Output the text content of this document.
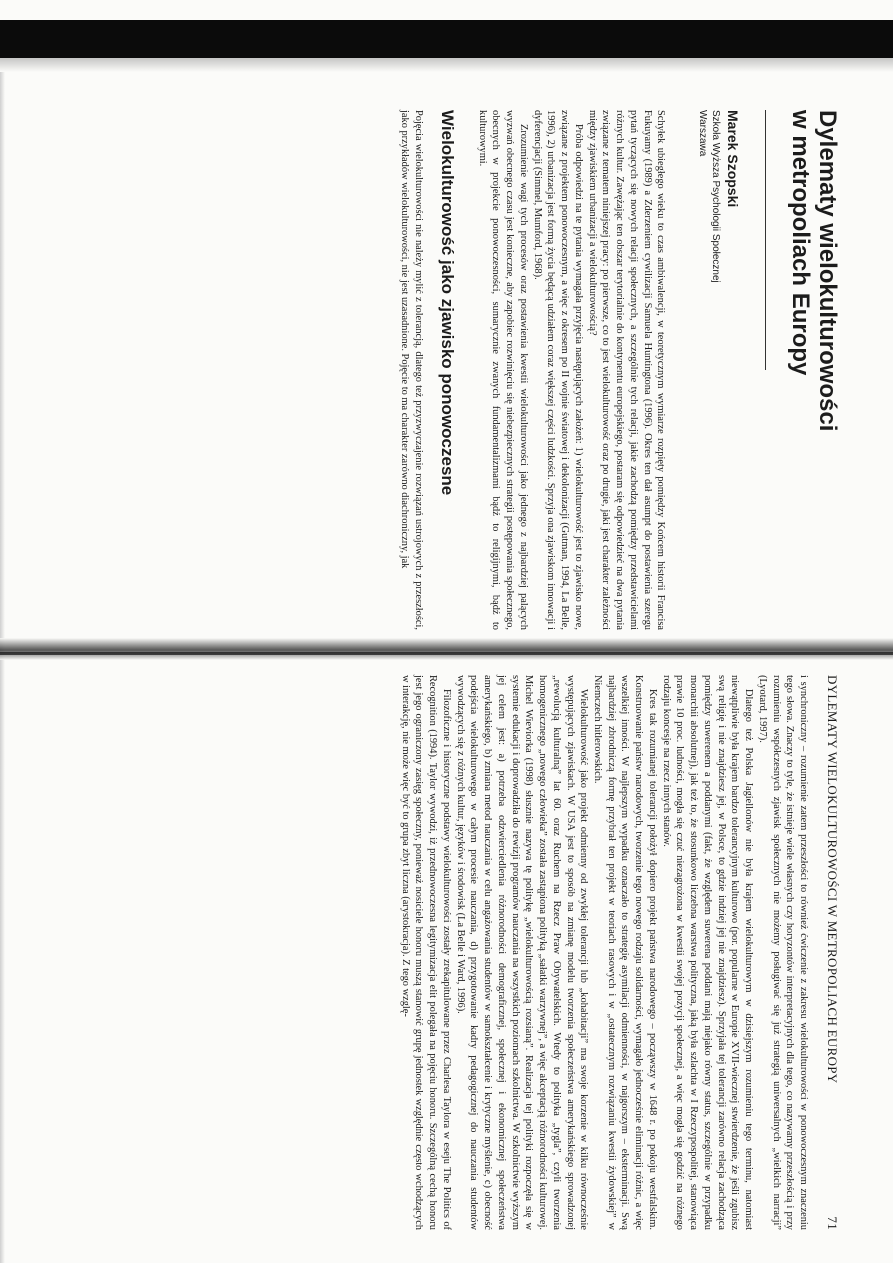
Dylematy wielokulturowości
w metropoliach Europy
Marek Szopski
Szkoła Wyższa Psychologii Społecznej
Warszawa

Schyłek ubiegłego wieku to czas ambiwalencji, w teoretycznym wymiarze rozpięty pomiędzy Końcem historii Francisa Fukuyamy (1989) a Zderzeniem cywilizacji Samuela Huntingtona (1996). Okres ten dał asumpt do postawienia szeregu pytań tyczących się nowych relacji społecznych, a szczególnie tych relacji, jakie zachodzą pomiędzy przedstawicielami różnych kultur. Zawężając ten obszar terytorialnie do kontynentu europejskiego, postaram się odpowiedzieć na dwa pytania związane z tematem niniejszej pracy: po pierwsze, co to jest wielokulturowość oraz po drugie, jaki jest charakter zależności między zjawiskiem urbanizacji a wielokulturowością?

Próba odpowiedzi na te pytania wymagała przyjęcia następujących założeń: 1) wielokulturowość jest to zjawisko nowe, związane z projektem ponowoczesnym, a więc z okresem po II wojnie światowej i dekolonizacji (Gutman, 1994, La Belle, 1996), 2) urbanizacja jest formą życia będącą udziałem coraz większej części ludzkości. Sprzyja ona zjawiskom innowacji i dyferencjacji (Simmel, Mumford, 1968).

Zrozumienie wagi tych procesów oraz postawienia kwestii wielokulturowości jako jednego z najbardziej palących wyzwań obecnego czasu jest konieczne, aby zapobiec rozwinięciu się niebezpiecznych strategii postępowania społecznego, obecnych w projekcie ponowoczesności, sumarycznie zwanych fundamentalizmami bądź to religijnymi, bądź to kulturowymi.

Wielokulturowość jako zjawisko ponowoczesne

Pojęcia wielokulturowości nie należy mylić z tolerancją, dlatego też przyzwyczajenie rozwiązań ustrojowych z przeszłości, jako przykładów wielokulturowości, nie jest uzasadnione. Pojęcie to ma charakter zarówno diachroniczny, jak

DYLEMATY WIELOKULTUROWOŚCI W METROPOLIACH EUROPY
71

i synchroniczny – rozumienie zatem przeszłości to również ćwiczenie z zakresu wielokulturowości w ponowoczesnym znaczeniu tego słowa. Znaczy to tyle, że istnieje wiele własnych czy horyzontów interpretacyjnych dla tego, co nazywamy przeszłością i przy rozumieniu współczesnych zjawisk społecznych nie możemy posługiwać się już strategią uniwersalnych „wielkich narracji” (Lyotard, 1997).

Dlatego też Polska Jagiellonów nie była krajem wielokulturowym w dzisiejszym rozumieniu tego terminu, natomiast niewątpliwie była krajem bardzo tolerancyjnym kulturowo (por. popularne w Europie XVII-wiecznej stwierdzenie, że jeśli zgubisz swą religię i nie znajdziesz jej, w Polsce, to gdzie indziej jej nie znajdziesz). Sprzyjała tej tolerancji zarówno relacja zachodząca pomiędzy suwerenem a poddanymi (fakt, że względem suwerena poddani mają niejako równy status, szczególnie w przypadku monarchii absolutnej), jak też to, że stosunkowo liczebna warstwa polityczna, jaką była szlachta w I Rzeczypospolitej, stanowiąca prawie 10 proc. ludności, mogła się czuć niezagrożona w kwestii swojej pozycji społecznej, a więc mogła się godzić na różnego rodzaju koncesje na rzecz innych stanów.

Kres tak rozumianej tolerancji położył dopiero projekt państwa narodowego – począwszy w 1648 r. po pokoju westfalskim. Konstruowanie państw narodowych, tworzenie tego nowego rodzaju solidarności, wymagało jednocześnie eliminacji różnic, a więc wszelkiej inności. W najlepszym wypadku oznaczało to strategię asymilacji odmienności, w najgorszym – eksterminacji. Swą najbardziej zbrodniczą formę przybrał ten projekt w teoriach rasowych i w „ostatecznym rozwiązaniu kwestii żydowskiej” w Niemczech hitlerowskich.

Wielokulturowość jako projekt odmienny od zwykłej tolerancji lub „kohabitacji” ma swoje korzenie w kilku równocześnie występujących zjawiskach. W USA jest to sposób na zmianę modelu tworzenia społeczeństwa amerykańskiego sprowadzonej „rewolucją kulturalną” lat 60. oraz Ruchem na Rzecz Praw Obywatelskich. Wtedy to polityka „tygla”, czyli tworzenia homogenicznego „nowego człowieka” została zastąpiona polityką „sałatki warzywnej”, a więc akceptacją różnorodności kulturowej. Michel Wieviorka (1998) słusznie nazywa tę politykę „wielokulturowością rozsianą”. Realizacja tej polityki rozpoczęła się w systemie edukacji i doprowadziła do rewizji programów nauczania na wszystkich poziomach szkolnictwa. W szkolnictwie wyższym jej celem jest: a) potrzeba odzwierciedlenia różnorodności demograficznej, społecznej i ekonomicznej społeczeństwa amerykańskiego, b) zmiana metod nauczania w celu angażowania studentów w samokształcenie i krytyczne myślenie, c) obecność podejścia wielokulturowego w całym procesie nauczania, d) przygotowanie kadry pedagogicznej do nauczania studentów wywodzących się z różnych kultur, języków i środowisk (La Belle i Ward, 1996).

Filozoficzne i historyczne podstawy wielokulturowości zostały zrekapitulowane przez Charlesa Taylora w eseju The Politics of Recognition (1994). Taylor wywodzi, iż przednowoczesna legitymizacja elit polegała na pojęciu honoru. Szczególną cechą honoru jest jego ograniczony zasięg społeczny, ponieważ nosiciele honoru muszą stanowić grupę jednostek względnie często wchodzących w interakcję, nie może więc być to grupa zbyt liczna (arystokracja). Z tego wzglę-
